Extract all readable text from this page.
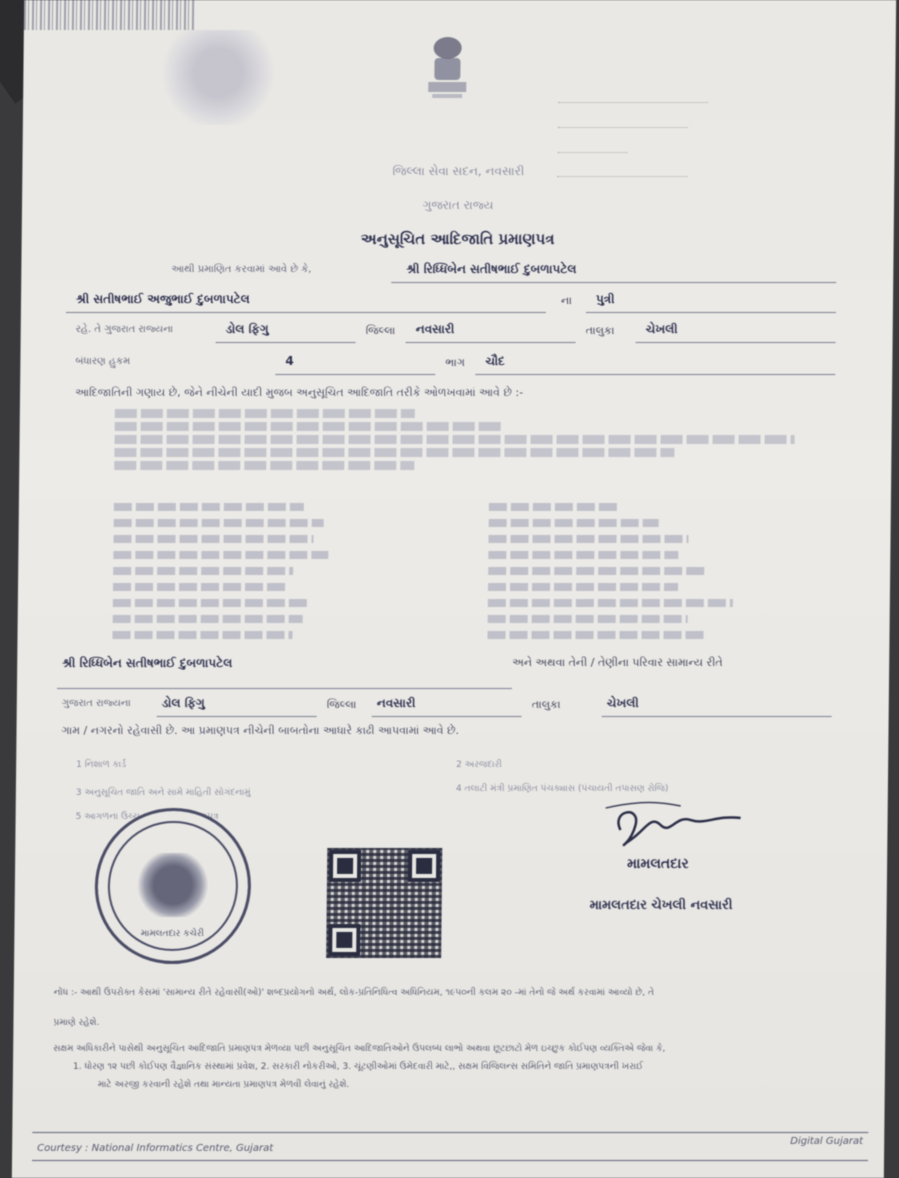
જિલ્લા સેવા સદન, નવસારી
ગુજરાત રાજ્ય
અનુસૂચિત આદિજાતિ પ્રમાણપત્ર
આથી પ્રમાણિત કરવામાં આવે છે કે,	શ્રી રિધ્ધિબેન સતીષભાઈ દુબળાપટેલ
શ્રી સતીષભાઈ અજુભાઈ દુબળાપટેલ	ના પુત્રી
રહે. તે ગુજરાત રાજ્યના	ડોલ ફિગુ	જિલ્લા નવસારી	તાલુકા	ચેખલી
બંધારણ હુકમ	4	ભાગ ચૌદ
આદિજાતિની ગણાય છે, જેને નીચેની યાદી મુજબ અનુસૂચિત આદિજાતિ તરીકે ઓળખવામાં આવે છે :-
શ્રી રિધ્ધિબેન સતીષભાઈ દુબળાપટેલ	અને અથવા તેની / તેણીના પરિવાર સામાન્ય રીતે
ગુજરાત રાજ્યના	ડોલ ફિગુ	જિલ્લા નવસારી	તાલુકા	ચેખલી
ગામ / નગરનો રહેવાસી છે. આ પ્રમાણપત્ર નીચેની બાબતોના આધારે કાઢી આપવામાં આવે છે.
1 નિશાળ કાર્ડ	2 અરજદારી
3 અનુસૂચિત જાતિ અને સામે માહિતી સોગંદનામું	4 તલાટી મંત્રી પ્રમાણિત પંચક્યાસ (પંચાયતી તપાસણ રોજિ)
5 આગળના ઉચ્ચ અધિકારીનું પ્રમાણપત્ર
મામલતદાર કચેરી
મામલતદાર
મામલતદાર ચેખલી નવસારી
નોંધ :- આથી ઉપરોક્ત કેસમાં 'સામાન્ય રીતે રહેવાસી(ઓ)' શબ્દપ્રયોગનો અર્થ, લોક-પ્રતિનિધિત્વ અધિનિયમ, ૧૯૫૦ની કલમ ૨૦ -માં તેનો જે અર્થ કરવામાં આવ્યો છે, તે
પ્રમાણે રહેશે.
સક્ષમ અધિકારીને પાસેથી અનુસૂચિત આદિજાતિ પ્રમાણપત્ર મેળવ્યા પછી અનુસૂચિત આદિજાતિઓને ઉપલબ્ધ લાભો અથવા છૂટછાટો મેળ ઇચ્છુક કોઈપણ વ્યક્તિએ જેવા કે,
1. ધોરણ ૧૨ પછી કોઈપણ વૈજ્ઞાનિક સંસ્થામાં પ્રવેશ, 2. સરકારી નોકરીઓ, 3. ચૂંટણીઓમાં ઉમેદવારી માટે,, સક્ષમ વિજિલન્સ સમિતિને જાતિ પ્રમાણપત્રની ખરાઈ
માટે અરજી કરવાની રહેશે તથા માન્યતા પ્રમાણપત્ર મેળવી લેવાનું રહેશે.
Courtesy : National Informatics Centre, Gujarat
Digital Gujarat
